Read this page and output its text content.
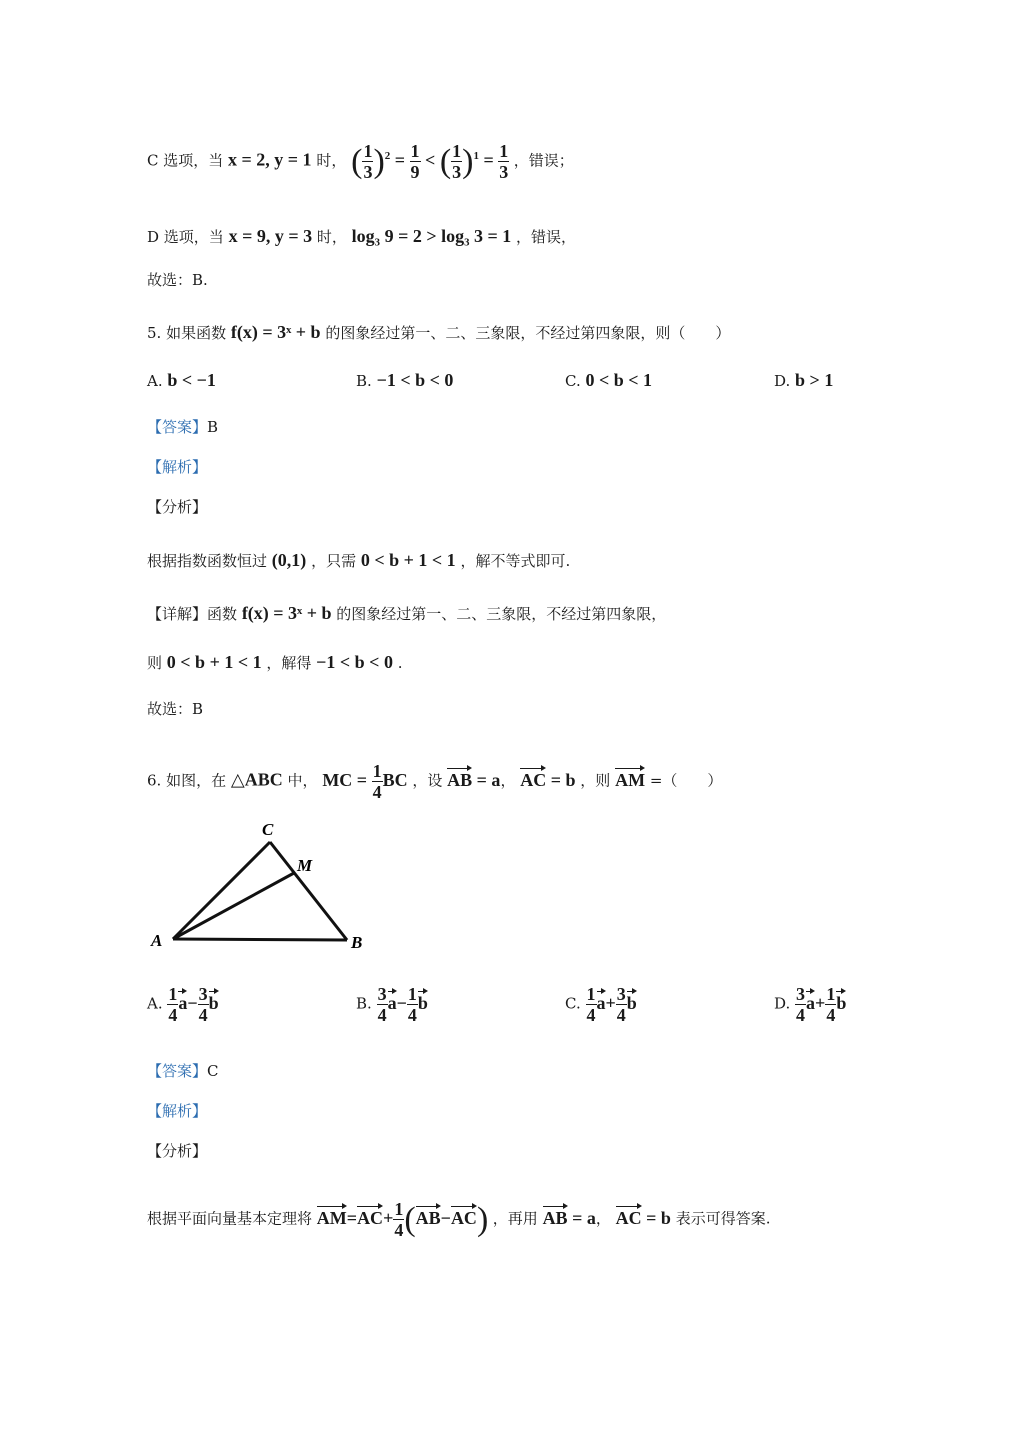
C 选项，当 x = 2, y = 1 时， ( $\frac{1}{3} )^2 = \frac{1}{9}$ < ( $\frac{1}{3} )^1 = \frac{1}{3}$ ，错误；
D 选项，当 x = 9, y = 3 时， log₃ 9 = 2 > log₃ 3 = 1 ，错误，
故选：B.
5. 如果函数 f(x) = 3ˣ + b 的图象经过第一、二、三象限，不经过第四象限，则（　　）
A. b < −1	B. −1 < b < 0	C. 0 < b < 1	D. b > 1
【答案】B
【解析】
【分析】
根据指数函数恒过 (0,1) ，只需 0 < b + 1 < 1 ，解不等式即可.
【详解】函数 f(x) = 3ˣ + b 的图象经过第一、二、三象限，不经过第四象限，
则 0 < b + 1 < 1 ，解得 −1 < b < 0 .
故选：B
6. 如图，在 △ABC 中， MC = $\frac{1}{4}$ BC ，设 AB = a， AC = b ，则 AM =（　　）
C
M
A	B
A. $\frac{1}{4} a- \frac{3}{4}$ b	B. $\frac{3}{4} a- \frac{1}{4}$ b	C. $\frac{1}{4} a+ \frac{3}{4}$ b	D. $\frac{3}{4} a+ \frac{1}{4}$ b
【答案】C
【解析】
【分析】
根据平面向量基本定理将 $AM=AC+ \frac{1}{4} (AB-AC)$ ，再用 AB = a， AC = b 表示可得答案.
